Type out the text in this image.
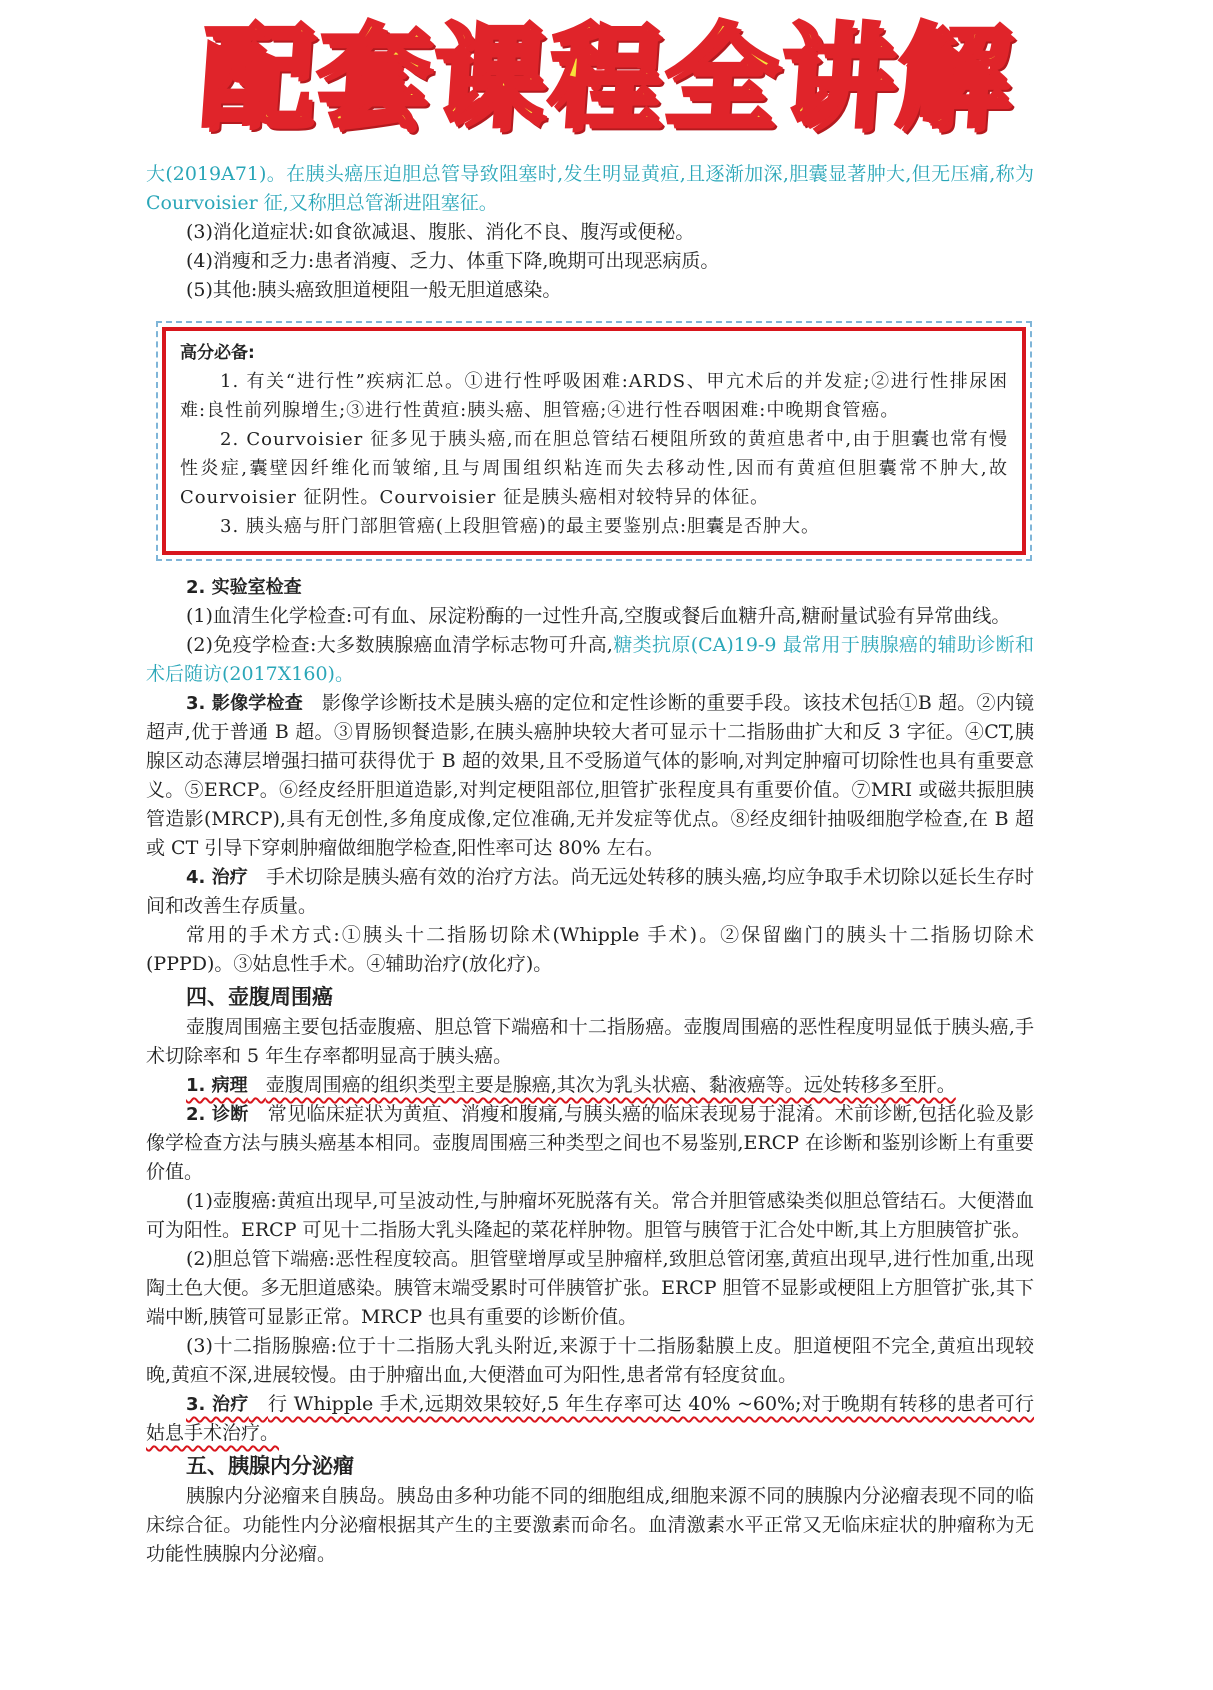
配套课程全讲解

大(2019A71)。在胰头癌压迫胆总管导致阻塞时,发生明显黄疸,且逐渐加深,胆囊显著肿大,但无压痛,称为 Courvoisier 征,又称胆总管渐进阻塞征。

(3)消化道症状:如食欲减退、腹胀、消化不良、腹泻或便秘。

(4)消瘦和乏力:患者消瘦、乏力、体重下降,晚期可出现恶病质。

(5)其他:胰头癌致胆道梗阻一般无胆道感染。

高分必备:

1. 有关“进行性”疾病汇总。①进行性呼吸困难:ARDS、甲亢术后的并发症;②进行性排尿困难:良性前列腺增生;③进行性黄疸:胰头癌、胆管癌;④进行性吞咽困难:中晚期食管癌。

2. Courvoisier 征多见于胰头癌,而在胆总管结石梗阻所致的黄疸患者中,由于胆囊也常有慢性炎症,囊壁因纤维化而皱缩,且与周围组织粘连而失去移动性,因而有黄疸但胆囊常不肿大,故 Courvoisier 征阴性。Courvoisier 征是胰头癌相对较特异的体征。

3. 胰头癌与肝门部胆管癌(上段胆管癌)的最主要鉴别点:胆囊是否肿大。

2. 实验室检查

(1)血清生化学检查:可有血、尿淀粉酶的一过性升高,空腹或餐后血糖升高,糖耐量试验有异常曲线。

(2)免疫学检查:大多数胰腺癌血清学标志物可升高,糖类抗原(CA)19-9 最常用于胰腺癌的辅助诊断和术后随访(2017X160)。

3. 影像学检查 影像学诊断技术是胰头癌的定位和定性诊断的重要手段。该技术包括①B 超。②内镜超声,优于普通 B 超。③胃肠钡餐造影,在胰头癌肿块较大者可显示十二指肠曲扩大和反 3 字征。④CT,胰腺区动态薄层增强扫描可获得优于 B 超的效果,且不受肠道气体的影响,对判定肿瘤可切除性也具有重要意义。⑤ERCP。⑥经皮经肝胆道造影,对判定梗阻部位,胆管扩张程度具有重要价值。⑦MRI 或磁共振胆胰管造影(MRCP),具有无创性,多角度成像,定位准确,无并发症等优点。⑧经皮细针抽吸细胞学检查,在 B 超或 CT 引导下穿刺肿瘤做细胞学检查,阳性率可达 80% 左右。

4. 治疗 手术切除是胰头癌有效的治疗方法。尚无远处转移的胰头癌,均应争取手术切除以延长生存时间和改善生存质量。

常用的手术方式:①胰头十二指肠切除术(Whipple 手术)。②保留幽门的胰头十二指肠切除术(PPPD)。③姑息性手术。④辅助治疗(放化疗)。

四、壶腹周围癌

壶腹周围癌主要包括壶腹癌、胆总管下端癌和十二指肠癌。壶腹周围癌的恶性程度明显低于胰头癌,手术切除率和 5 年生存率都明显高于胰头癌。

1. 病理 壶腹周围癌的组织类型主要是腺癌,其次为乳头状癌、黏液癌等。远处转移多至肝。

2. 诊断 常见临床症状为黄疸、消瘦和腹痛,与胰头癌的临床表现易于混淆。术前诊断,包括化验及影像学检查方法与胰头癌基本相同。壶腹周围癌三种类型之间也不易鉴别,ERCP 在诊断和鉴别诊断上有重要价值。

(1)壶腹癌:黄疸出现早,可呈波动性,与肿瘤坏死脱落有关。常合并胆管感染类似胆总管结石。大便潜血可为阳性。ERCP 可见十二指肠大乳头隆起的菜花样肿物。胆管与胰管于汇合处中断,其上方胆胰管扩张。

(2)胆总管下端癌:恶性程度较高。胆管壁增厚或呈肿瘤样,致胆总管闭塞,黄疸出现早,进行性加重,出现陶土色大便。多无胆道感染。胰管末端受累时可伴胰管扩张。ERCP 胆管不显影或梗阻上方胆管扩张,其下端中断,胰管可显影正常。MRCP 也具有重要的诊断价值。

(3)十二指肠腺癌:位于十二指肠大乳头附近,来源于十二指肠黏膜上皮。胆道梗阻不完全,黄疸出现较晚,黄疸不深,进展较慢。由于肿瘤出血,大便潜血可为阳性,患者常有轻度贫血。

3. 治疗 行 Whipple 手术,远期效果较好,5 年生存率可达 40% ~60%;对于晚期有转移的患者可行姑息手术治疗。

五、胰腺内分泌瘤

胰腺内分泌瘤来自胰岛。胰岛由多种功能不同的细胞组成,细胞来源不同的胰腺内分泌瘤表现不同的临床综合征。功能性内分泌瘤根据其产生的主要激素而命名。血清激素水平正常又无临床症状的肿瘤称为无功能性胰腺内分泌瘤。
